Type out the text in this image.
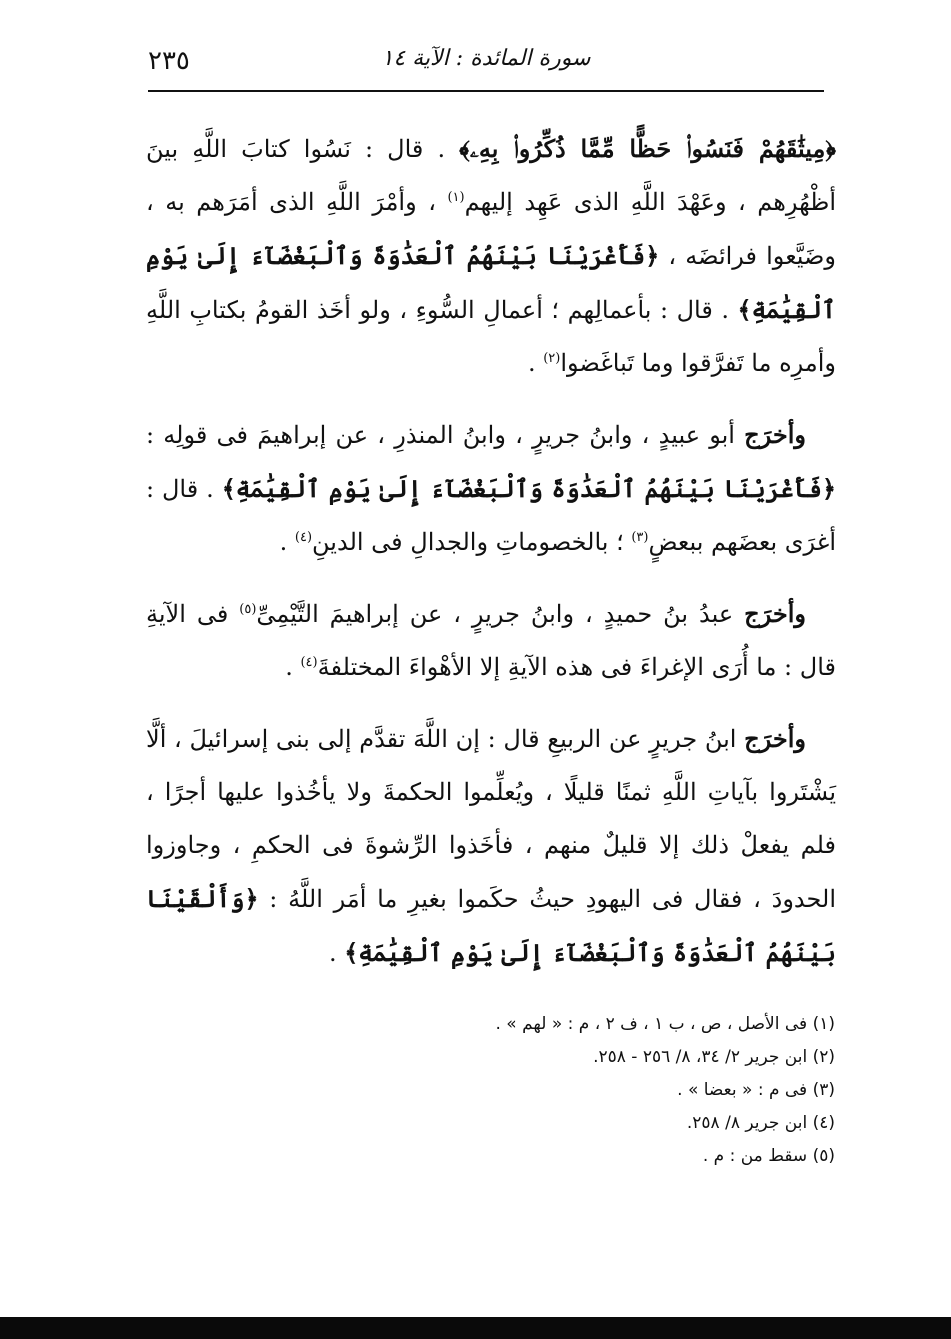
٢٣٥	سورة المائدة : الآية ١٤

﴿مِيثَٰقَهُمْ فَنَسُوا۟ حَظًّا مِّمَّا ذُكِّرُوا۟ بِهِۦ﴾ . قال : نَسُوا كتابَ اللَّهِ بينَ أظْهُرِهم ، وعَهْدَ اللَّهِ الذى عَهِد إليهم$^{(١)}$ ، وأمْرَ اللَّهِ الذى أمَرَهم به ، وضَيَّعوا فرائضَه ، ﴿فَأَغْرَيْنَا بَيْنَهُمُ ٱلْعَدَٰوَةَ وَٱلْبَغْضَآءَ إِلَىٰ يَوْمِ ٱلْقِيَٰمَةِ﴾ . قال : بأعمالِهم ؛ أعمالِ السُّوءِ ، ولو أخَذ القومُ بكتابِ اللَّهِ وأمرِه ما تَفرَّقوا وما تَباغَضوا$^{(٢)}$ .

وأخرَج أبو عبيدٍ ، وابنُ جريرٍ ، وابنُ المنذرِ ، عن إبراهيمَ فى قولِه : ﴿فَأَغْرَيْنَا بَيْنَهُمُ ٱلْعَدَٰوَةَ وَٱلْبَغْضَآءَ إِلَىٰ يَوْمِ ٱلْقِيَٰمَةِ﴾ . قال : أغرَى بعضَهم ببعضٍ$^{(٣)}$ ؛ بالخصوماتِ والجدالِ فى الدينِ$^{(٤)}$ .

وأخرَج عبدُ بنُ حميدٍ ، وابنُ جريرٍ ، عن إبراهيمَ التَّيْمِىِّ$^{(٥)}$ فى الآيةِ قال : ما أُرَى الإغراءَ فى هذه الآيةِ إلا الأهْواءَ المختلفةَ$^{(٤)}$ .

وأخرَج ابنُ جريرٍ عن الربيعِ قال : إن اللَّهَ تقدَّم إلى بنى إسرائيلَ ، ألَّا يَشْتَروا بآياتِ اللَّهِ ثمنًا قليلًا ، ويُعلِّموا الحكمةَ ولا يأخُذوا عليها أجرًا ، فلم يفعلْ ذلك إلا قليلٌ منهم ، فأخَذوا الرِّشوةَ فى الحكمِ ، وجاوزوا الحدودَ ، فقال فى اليهودِ حيثُ حكَموا بغيرِ ما أمَر اللَّهُ : ﴿وَأَلْقَيْنَا بَيْنَهُمُ ٱلْعَدَٰوَةَ وَٱلْبَغْضَآءَ إِلَىٰ يَوْمِ ٱلْقِيَٰمَةِ﴾ .

(١) فى الأصل ، ص ، ب ١ ، ف ٢ ، م : « لهم » .

(٢) ابن جرير ٢/ ٣٤، ٨/ ٢٥٦ - ٢٥٨.

(٣) فى م : « بعضا » .

(٤) ابن جرير ٨/ ٢٥٨.

(٥) سقط من : م .
